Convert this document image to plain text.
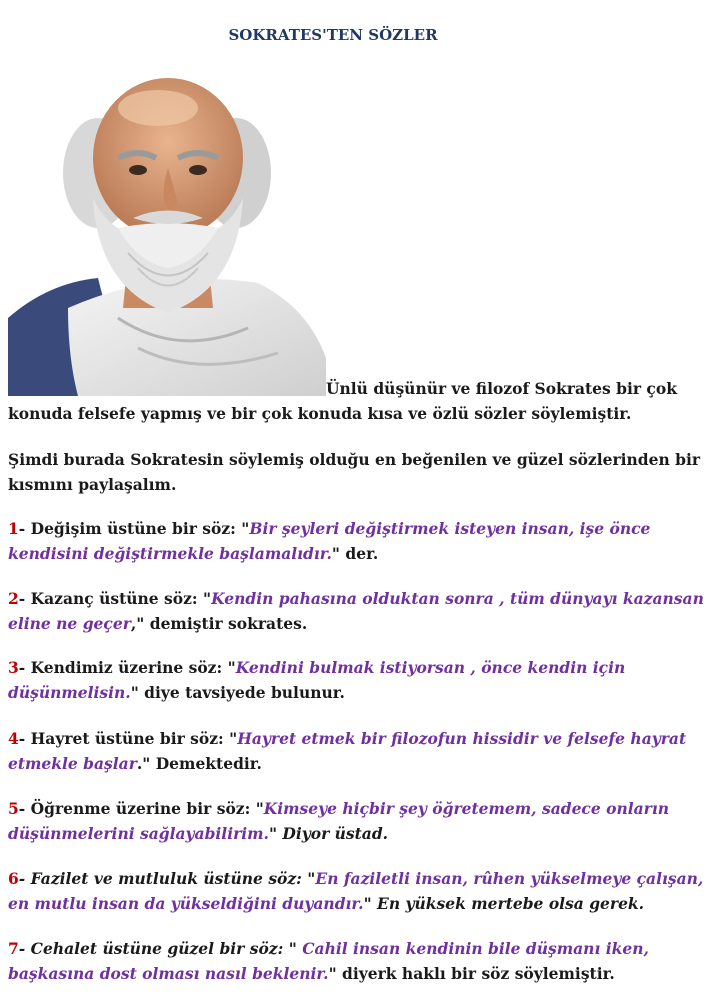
SOKRATES'TEN SÖZLER
Ünlü düşünür ve filozof Sokrates bir çok
konuda felsefe yapmış ve bir çok konuda kısa ve özlü sözler söylemiştir.
Şimdi burada Sokratesin söylemiş olduğu en beğenilen ve güzel sözlerinden bir kısmını paylaşalım.
1- Değişim üstüne bir söz: "Bir şeyleri değiştirmek isteyen insan, işe önce kendisini değiştirmekle başlamalıdır." der.
2- Kazanç üstüne söz: "Kendin pahasına olduktan sonra , tüm dünyayı kazansan eline ne geçer," demiştir sokrates.
3- Kendimiz üzerine söz: "Kendini bulmak istiyorsan , önce kendin için düşünmelisin." diye tavsiyede bulunur.
4- Hayret üstüne bir söz: "Hayret etmek bir filozofun hissidir ve felsefe hayrat etmekle başlar." Demektedir.
5- Öğrenme üzerine bir söz: "Kimseye hiçbir şey öğretemem, sadece onların düşünmelerini sağlayabilirim." Diyor üstad.
6- Fazilet ve mutluluk üstüne söz: "En faziletli insan, rûhen yükselmeye çalışan, en mutlu insan da yükseldiğini duyandır." En yüksek mertebe olsa gerek.
7- Cehalet üstüne güzel bir söz: " Cahil insan kendinin bile düşmanı iken, başkasına dost olması nasıl beklenir." diyerk haklı bir söz söylemiştir.
